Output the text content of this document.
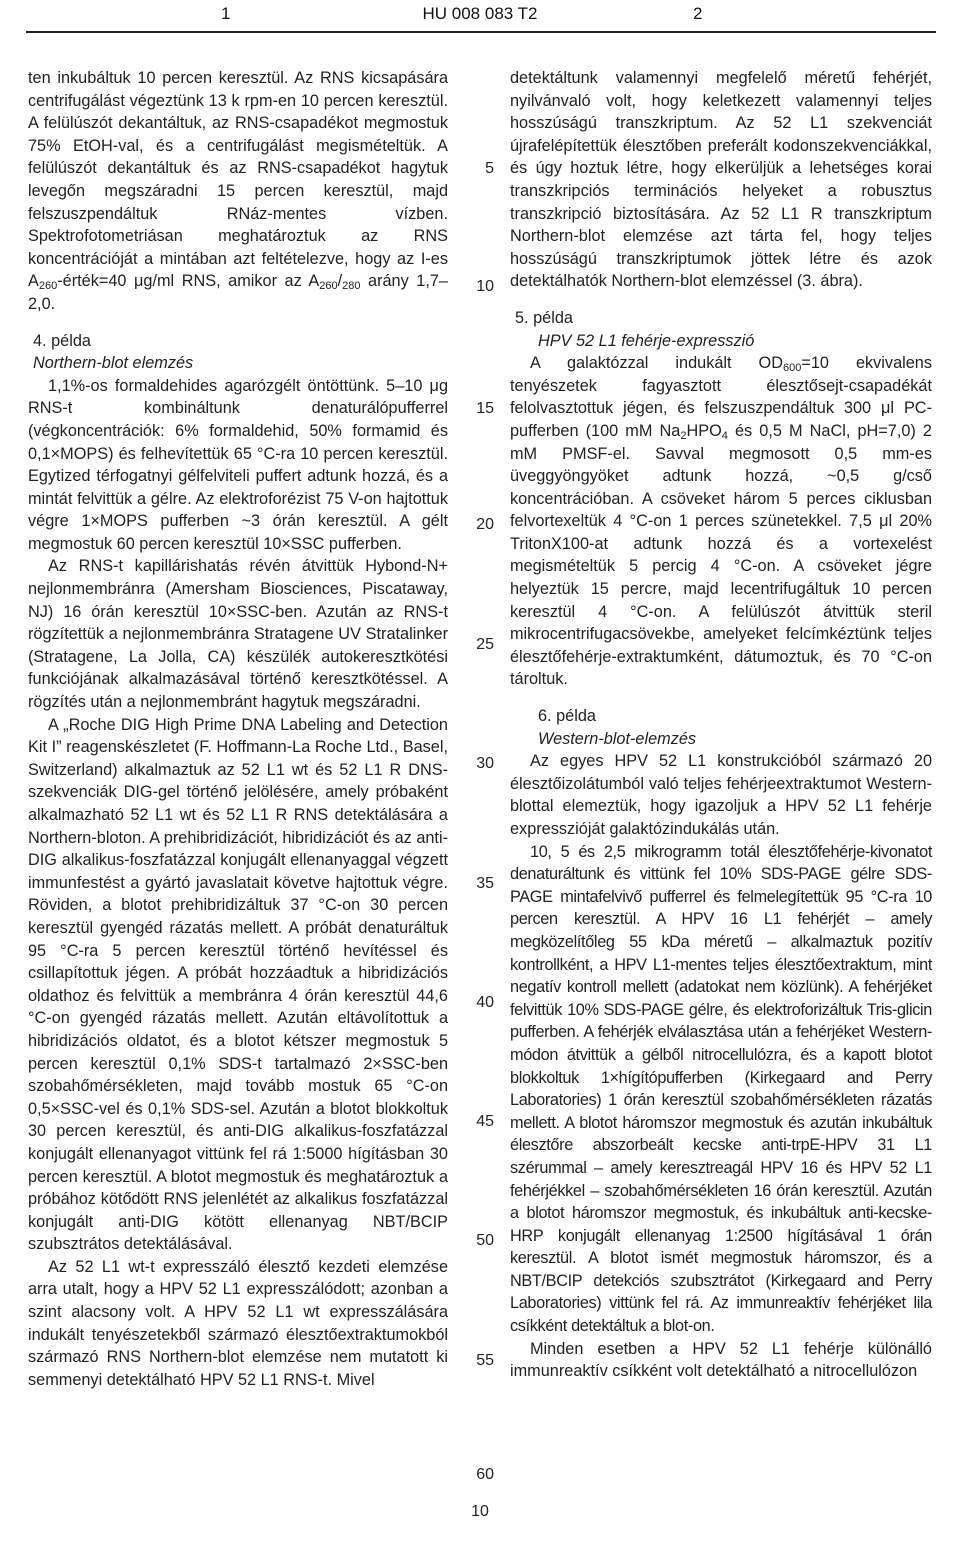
1	HU 008 083 T2	2

ten inkubáltuk 10 percen keresztül. Az RNS kicsapására centrifugálást végeztünk 13 k rpm-en 10 percen keresztül. A felülúszót dekantáltuk, az RNS-csapadékot megmostuk 75% EtOH-val, és a centrifugálást megismételtük. A felülúszót dekantáltuk és az RNS-csapadékot hagytuk levegőn megszáradni 15 percen keresztül, majd felszuszpendáltuk RNáz-mentes vízben. Spektrofotometriásan meghatároztuk az RNS koncentrációját a mintában azt feltételezve, hogy az I-es $A_{260}-érték=40$ μg/ml RNS, amikor az $A_{260}/_{280}$ arány 1,7–2,0.

4. példa

Northern-blot elemzés

1,1%-os formaldehides agarózgélt öntöttünk. 5–10 μg RNS-t kombináltunk denaturálópufferrel (végkoncentrációk: 6% formaldehid, 50% formamid és 0,1×MOPS) és felhevítettük 65 °C-ra 10 percen keresztül. Egytized térfogatnyi gélfelviteli puffert adtunk hozzá, és a mintát felvittük a gélre. Az elektroforézist 75 V-on hajtottuk végre 1×MOPS pufferben ~3 órán keresztül. A gélt megmostuk 60 percen keresztül 10×SSC pufferben.

Az RNS-t kapillárishatás révén átvittük Hybond-N+ nejlonmembránra (Amersham Biosciences, Piscataway, NJ) 16 órán keresztül 10×SSC-ben. Azután az RNS-t rögzítettük a nejlonmembránra Stratagene UV Stratalinker (Stratagene, La Jolla, CA) készülék autokeresztkötési funkciójának alkalmazásával történő keresztkötéssel. A rögzítés után a nejlonmembránt hagytuk megszáradni.

A „Roche DIG High Prime DNA Labeling and Detection Kit I” reagenskészletet (F. Hoffmann-La Roche Ltd., Basel, Switzerland) alkalmaztuk az 52 L1 wt és 52 L1 R DNS-szekvenciák DIG-gel történő jelölésére, amely próbaként alkalmazható 52 L1 wt és 52 L1 R RNS detektálására a Northern-bloton. A prehibridizációt, hibridizációt és az anti-DIG alkalikus-foszfatázzal konjugált ellenanyaggal végzett immunfestést a gyártó javaslatait követve hajtottuk végre. Röviden, a blotot prehibridizáltuk 37 °C-on 30 percen keresztül gyengéd rázatás mellett. A próbát denaturáltuk 95 °C-ra 5 percen keresztül történő hevítéssel és csillapítottuk jégen. A próbát hozzáadtuk a hibridizációs oldathoz és felvittük a membránra 4 órán keresztül 44,6 °C-on gyengéd rázatás mellett. Azután eltávolítottuk a hibridizációs oldatot, és a blotot kétszer megmostuk 5 percen keresztül 0,1% SDS-t tartalmazó 2×SSC-ben szobahőmérsékleten, majd tovább mostuk 65 °C-on 0,5×SSC-vel és 0,1% SDS-sel. Azután a blotot blokkoltuk 30 percen keresztül, és anti-DIG alkalikus-foszfatázzal konjugált ellenanyagot vittünk fel rá 1:5000 hígításban 30 percen keresztül. A blotot megmostuk és meghatároztuk a próbához kötődött RNS jelenlétét az alkalikus foszfatázzal konjugált anti-DIG kötött ellenanyag NBT/BCIP szubsztrátos detektálásával.

Az 52 L1 wt-t expresszáló élesztő kezdeti elemzése arra utalt, hogy a HPV 52 L1 expresszálódott; azonban a szint alacsony volt. A HPV 52 L1 wt expresszálására indukált tenyészetekből származó élesztőextraktumokból származó RNS Northern-blot elemzése nem mutatott ki semmenyi detektálható HPV 52 L1 RNS-t. Mivel

5
10
15
20
25
30
35
40
45
50
55
60

detektáltunk valamennyi megfelelő méretű fehérjét, nyilvánvaló volt, hogy keletkezett valamennyi teljes hosszúságú transzkriptum. Az 52 L1 szekvenciát újrafelépítettük élesztőben preferált kodonszekvenciákkal, és úgy hoztuk létre, hogy elkerüljük a lehetséges korai transzkripciós terminációs helyeket a robusztus transzkripció biztosítására. Az 52 L1 R transzkriptum Northern-blot elemzése azt tárta fel, hogy teljes hosszúságú transzkriptumok jöttek létre és azok detektálhatók Northern-blot elemzéssel (3. ábra).

5. példa

HPV 52 L1 fehérje-expresszió

A galaktózzal indukált $OD_{600}=10$ ekvivalens tenyészetek fagyasztott élesztősejt-csapadékát felolvasztottuk jégen, és felszuszpendáltuk 300 μl PC-pufferben (100 mM $Na_2HPO_4$ és 0,5 M NaCl, pH=7,0) 2 mM PMSF-el. Savval megmosott 0,5 mm-es üveggyöngyöket adtunk hozzá, ~0,5 g/cső koncentrációban. A csöveket három 5 perces ciklusban felvortexeltük 4 °C-on 1 perces szünetekkel. 7,5 μl 20% TritonX100-at adtunk hozzá és a vortexelést megismételtük 5 percig 4 °C-on. A csöveket jégre helyeztük 15 percre, majd lecentrifugáltuk 10 percen keresztül 4 °C-on. A felülúszót átvittük steril mikrocentrifugacsövekbe, amelyeket felcímkéztünk teljes élesztőfehérje-extraktumként, dátumoztuk, és 70 °C-on tároltuk.

6. példa

Western-blot-elemzés

Az egyes HPV 52 L1 konstrukcióból származó 20 élesztőizolátumból való teljes fehérjeextraktumot Western-blottal elemeztük, hogy igazoljuk a HPV 52 L1 fehérje expresszióját galaktózindukálás után.

10, 5 és 2,5 mikrogramm totál élesztőfehérje-kivonatot denaturáltunk és vittünk fel 10% SDS-PAGE gélre SDS-PAGE mintafelvivő pufferrel és felmelegítettük 95 °C-ra 10 percen keresztül. A HPV 16 L1 fehérjét – amely megközelítőleg 55 kDa méretű – alkalmaztuk pozitív kontrollként, a HPV L1-mentes teljes élesztőextraktum, mint negatív kontroll mellett (adatokat nem közlünk). A fehérjéket felvittük 10% SDS-PAGE gélre, és elektroforizáltuk Tris-glicin pufferben. A fehérjék elválasztása után a fehérjéket Western-módon átvittük a gélből nitrocellulózra, és a kapott blotot blokkoltuk 1×hígítópufferben (Kirkegaard and Perry Laboratories) 1 órán keresztül szobahőmérsékleten rázatás mellett. A blotot háromszor megmostuk és azután inkubáltuk élesztőre abszorbeált kecske anti-trpE-HPV 31 L1 szérummal – amely keresztreagál HPV 16 és HPV 52 L1 fehérjékkel – szobahőmérsékleten 16 órán keresztül. Azután a blotot háromszor megmostuk, és inkubáltuk anti-kecske-HRP konjugált ellenanyag 1:2500 hígításával 1 órán keresztül. A blotot ismét megmostuk háromszor, és a NBT/BCIP detekciós szubsztrátot (Kirkegaard and Perry Laboratories) vittünk fel rá. Az immunreaktív fehérjéket lila csíkként detektáltuk a blot-on.

Minden esetben a HPV 52 L1 fehérje különálló immunreaktív csíkként volt detektálható a nitrocellulózon

10
